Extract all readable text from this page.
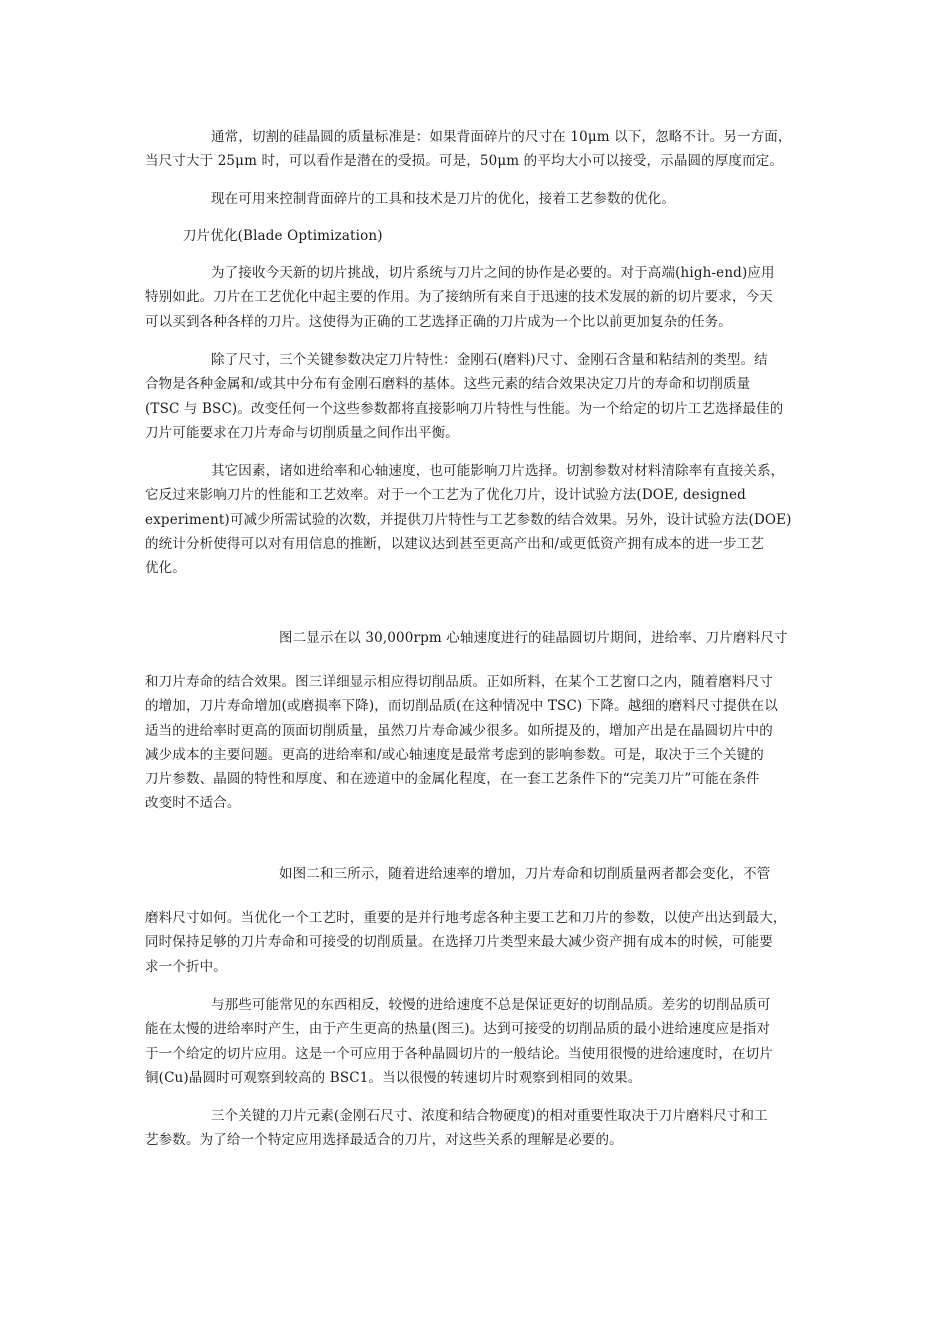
通常，切割的硅晶圆的质量标准是：如果背面碎片的尺寸在 10μm 以下，忽略不计。另一方面，
当尺寸大于 25μm 时，可以看作是潜在的受损。可是，50μm 的平均大小可以接受，示晶圆的厚度而定。
现在可用来控制背面碎片的工具和技术是刀片的优化，接着工艺参数的优化。
刀片优化(Blade Optimization)
为了接收今天新的切片挑战，切片系统与刀片之间的协作是必要的。对于高端(high-end)应用
特别如此。刀片在工艺优化中起主要的作用。为了接纳所有来自于迅速的技术发展的新的切片要求，今天
可以买到各种各样的刀片。这使得为正确的工艺选择正确的刀片成为一个比以前更加复杂的任务。
除了尺寸，三个关键参数决定刀片特性：金刚石(磨料)尺寸、金刚石含量和粘结剂的类型。结
合物是各种金属和/或其中分布有金刚石磨料的基体。这些元素的结合效果决定刀片的寿命和切削质量
(TSC 与 BSC)。改变任何一个这些参数都将直接影响刀片特性与性能。为一个给定的切片工艺选择最佳的
刀片可能要求在刀片寿命与切削质量之间作出平衡。
其它因素，诸如进给率和心轴速度，也可能影响刀片选择。切割参数对材料清除率有直接关系，
它反过来影响刀片的性能和工艺效率。对于一个工艺为了优化刀片，设计试验方法(DOE, designed
experiment)可减少所需试验的次数，并提供刀片特性与工艺参数的结合效果。另外，设计试验方法(DOE)
的统计分析使得可以对有用信息的推断，以建议达到甚至更高产出和/或更低资产拥有成本的进一步工艺
优化。
图二显示在以 30,000rpm 心轴速度进行的硅晶圆切片期间，进给率、刀片磨料尺寸
和刀片寿命的结合效果。图三详细显示相应得切削品质。正如所料，在某个工艺窗口之内，随着磨料尺寸
的增加，刀片寿命增加(或磨损率下降)，而切削品质(在这种情况中 TSC) 下降。越细的磨料尺寸提供在以
适当的进给率时更高的顶面切削质量，虽然刀片寿命减少很多。如所提及的，增加产出是在晶圆切片中的
减少成本的主要问题。更高的进给率和/或心轴速度是最常考虑到的影响参数。可是，取决于三个关键的
刀片参数、晶圆的特性和厚度、和在迹道中的金属化程度，在一套工艺条件下的“完美刀片”可能在条件
改变时不适合。
如图二和三所示，随着进给速率的增加，刀片寿命和切削质量两者都会变化，不管
磨料尺寸如何。当优化一个工艺时，重要的是并行地考虑各种主要工艺和刀片的参数，以使产出达到最大，
同时保持足够的刀片寿命和可接受的切削质量。在选择刀片类型来最大减少资产拥有成本的时候，可能要
求一个折中。
与那些可能常见的东西相反，较慢的进给速度不总是保证更好的切削品质。差劣的切削品质可
能在太慢的进给率时产生，由于产生更高的热量(图三)。达到可接受的切削品质的最小进给速度应是指对
于一个给定的切片应用。这是一个可应用于各种晶圆切片的一般结论。当使用很慢的进给速度时，在切片
铜(Cu)晶圆时可观察到较高的 BSC1。当以很慢的转速切片时观察到相同的效果。
三个关键的刀片元素(金刚石尺寸、浓度和结合物硬度)的相对重要性取决于刀片磨料尺寸和工
艺参数。为了给一个特定应用选择最适合的刀片，对这些关系的理解是必要的。
